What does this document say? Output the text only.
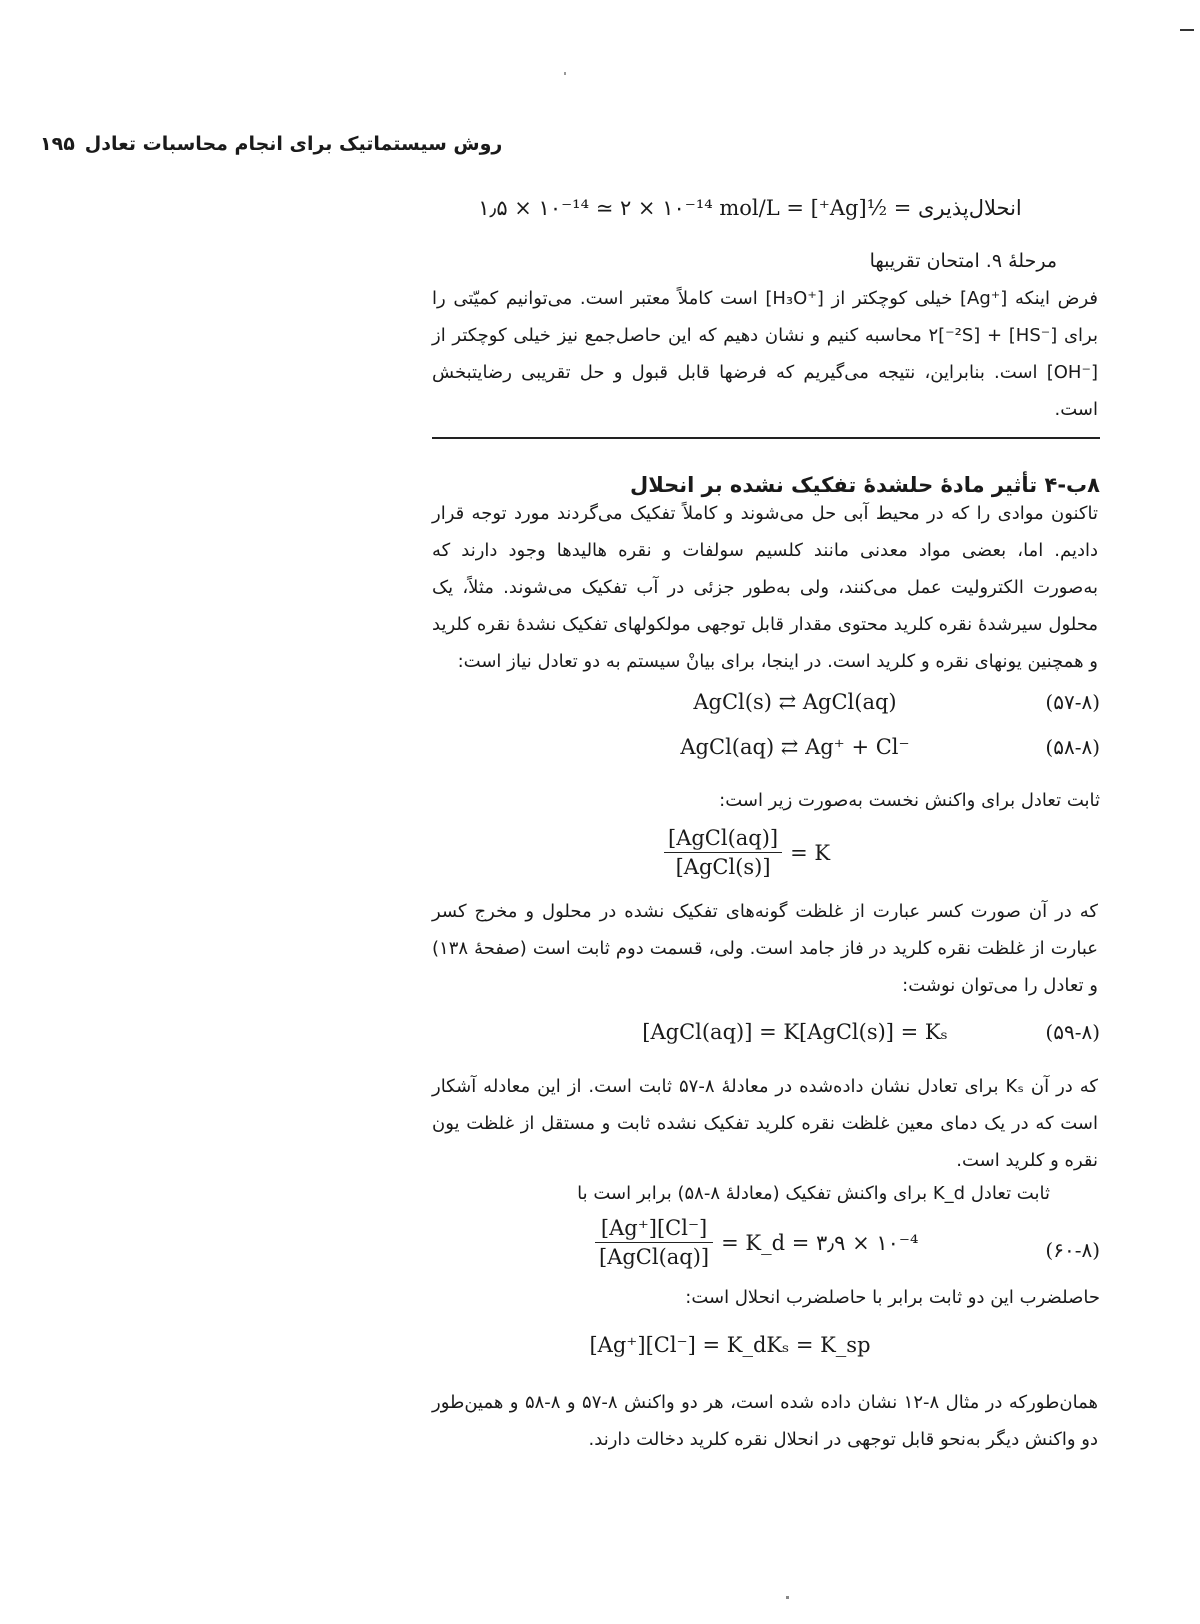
۱۹۵ روش سیستماتیک برای انجام محاسبات تعادل
انحلال‌پذیری = ½[Ag⁺] = ۱٫۵ × ۱۰⁻¹⁴ ≃ ۲ × ۱۰⁻¹⁴ mol/L
مرحلهٔ ۹. امتحان تقریبها
فرض اینکه [⁺Ag] خیلی کوچکتر از [⁺H₃O] است کاملاً معتبر است. می‌توانیم کمیّتی را برای [⁻HS] + ۲[⁻²S] محاسبه کنیم و نشان دهیم که این حاصل‌جمع نیز خیلی کوچکتر از [⁻OH] است. بنابراین، نتیجه می‌گیریم که فرضها قابل قبول و حل تقریبی رضایتبخش است.
۸ب-۴ تأثیر مادهٔ حلشدهٔ تفکیک نشده بر انحلال
تاکنون موادی را که در محیط آبی حل می‌شوند و کاملاً تفکیک می‌گردند مورد توجه قرار دادیم. اما، بعضی مواد معدنی مانند کلسیم سولفات و نقره هالیدها وجود دارند که به‌صورت الکترولیت عمل می‌کنند، ولی به‌طور جزئی در آب تفکیک می‌شوند. مثلاً، یک محلول سیرشدهٔ نقره کلرید محتوی مقدار قابل توجهی مولکولهای تفکیک نشدهٔ نقره کلرید و همچنین یونهای نقره و کلرید است. در اینجا، برای بیانْ سیستم به دو تعادل نیاز است:
AgCl(s) ⇄ AgCl(aq)	(۵۷-۸)
AgCl(aq) ⇄ Ag⁺ + Cl⁻	(۵۸-۸)
ثابت تعادل برای واکنش نخست به‌صورت زیر است:
$\frac{\text{[AgCl(aq)]}}{\text{[AgCl(s)]}} = K$
که در آن صورت کسر عبارت از غلظت گونه‌های تفکیک نشده در محلول و مخرج کسر عبارت از غلظت نقره کلرید در فاز جامد است. ولی، قسمت دوم ثابت است (صفحهٔ ۱۳۸) و تعادل را می‌توان نوشت:
[AgCl(aq)] = K[AgCl(s)] = Kₛ	(۵۹-۸)
که در آن Kₛ برای تعادل نشان داده‌شده در معادلهٔ ۸-۵۷ ثابت است. از این معادله آشکار است که در یک دمای معین غلظت نقره کلرید تفکیک نشده ثابت و مستقل از غلظت یون نقره و کلرید است.
ثابت تعادل K_d برای واکنش تفکیک (معادلهٔ ۸-۵۸) برابر است با
$\frac{[Ag^+][Cl^-]}{\text{[AgCl(aq)]}}$ = K_d = ۳٫۹ × ۱۰⁻⁴	(۶۰-۸)
حاصلضرب این دو ثابت برابر با حاصلضرب انحلال است:
[Ag⁺][Cl⁻] = K_dKₛ = K_sp
همان‌طورکه در مثال ۸-۱۲ نشان داده شده است، هر دو واکنش ۸-۵۷ و ۸-۵۸ و همین‌طور دو واکنش دیگر به‌نحو قابل توجهی در انحلال نقره کلرید دخالت دارند.
